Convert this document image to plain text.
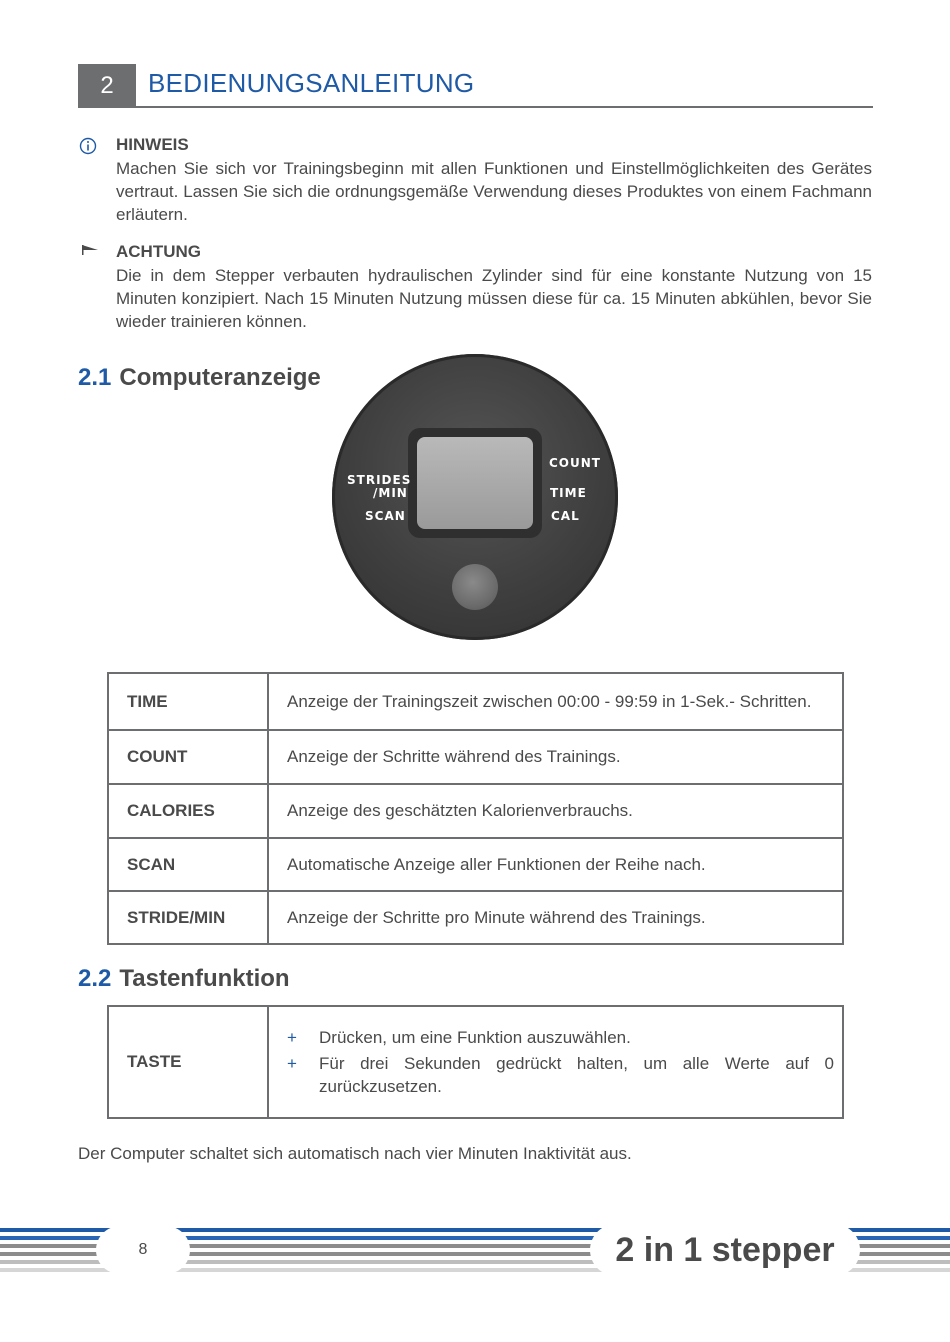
2	BEDIENUNGSANLEITUNG
HINWEIS
Machen Sie sich vor Trainingsbeginn mit allen Funktionen und Einstellmöglichkeiten des Gerätes vertraut. Lassen Sie sich die ordnungsgemäße Verwendung dieses Produktes von einem Fachmann erläutern.
ACHTUNG
Die in dem Stepper verbauten hydraulischen Zylinder sind für eine konstante Nutzung von 15 Minuten konzipiert. Nach 15 Minuten Nutzung müssen diese für ca. 15 Minuten abkühlen, bevor Sie wieder trainieren können.
2.1 Computeranzeige
STRIDES
/MIN
SCAN
COUNT
TIME
CAL
TIME	Anzeige der Trainingszeit zwischen 00:00 - 99:59 in 1-Sek.- Schritten.
COUNT	Anzeige der Schritte während des Trainings.
CALORIES	Anzeige des geschätzten Kalorienverbrauchs.
SCAN	Automatische Anzeige aller Funktionen der Reihe nach.
STRIDE/MIN	Anzeige der Schritte pro Minute während des Trainings.
2.2 Tastenfunktion
TASTE	
+	Drücken, um eine Funktion auszuwählen.
+	Für drei Sekunden gedrückt halten, um alle Werte auf 0 zurückzusetzen.
Der Computer schaltet sich automatisch nach vier Minuten Inaktivität aus.
8	2 in 1 stepper
